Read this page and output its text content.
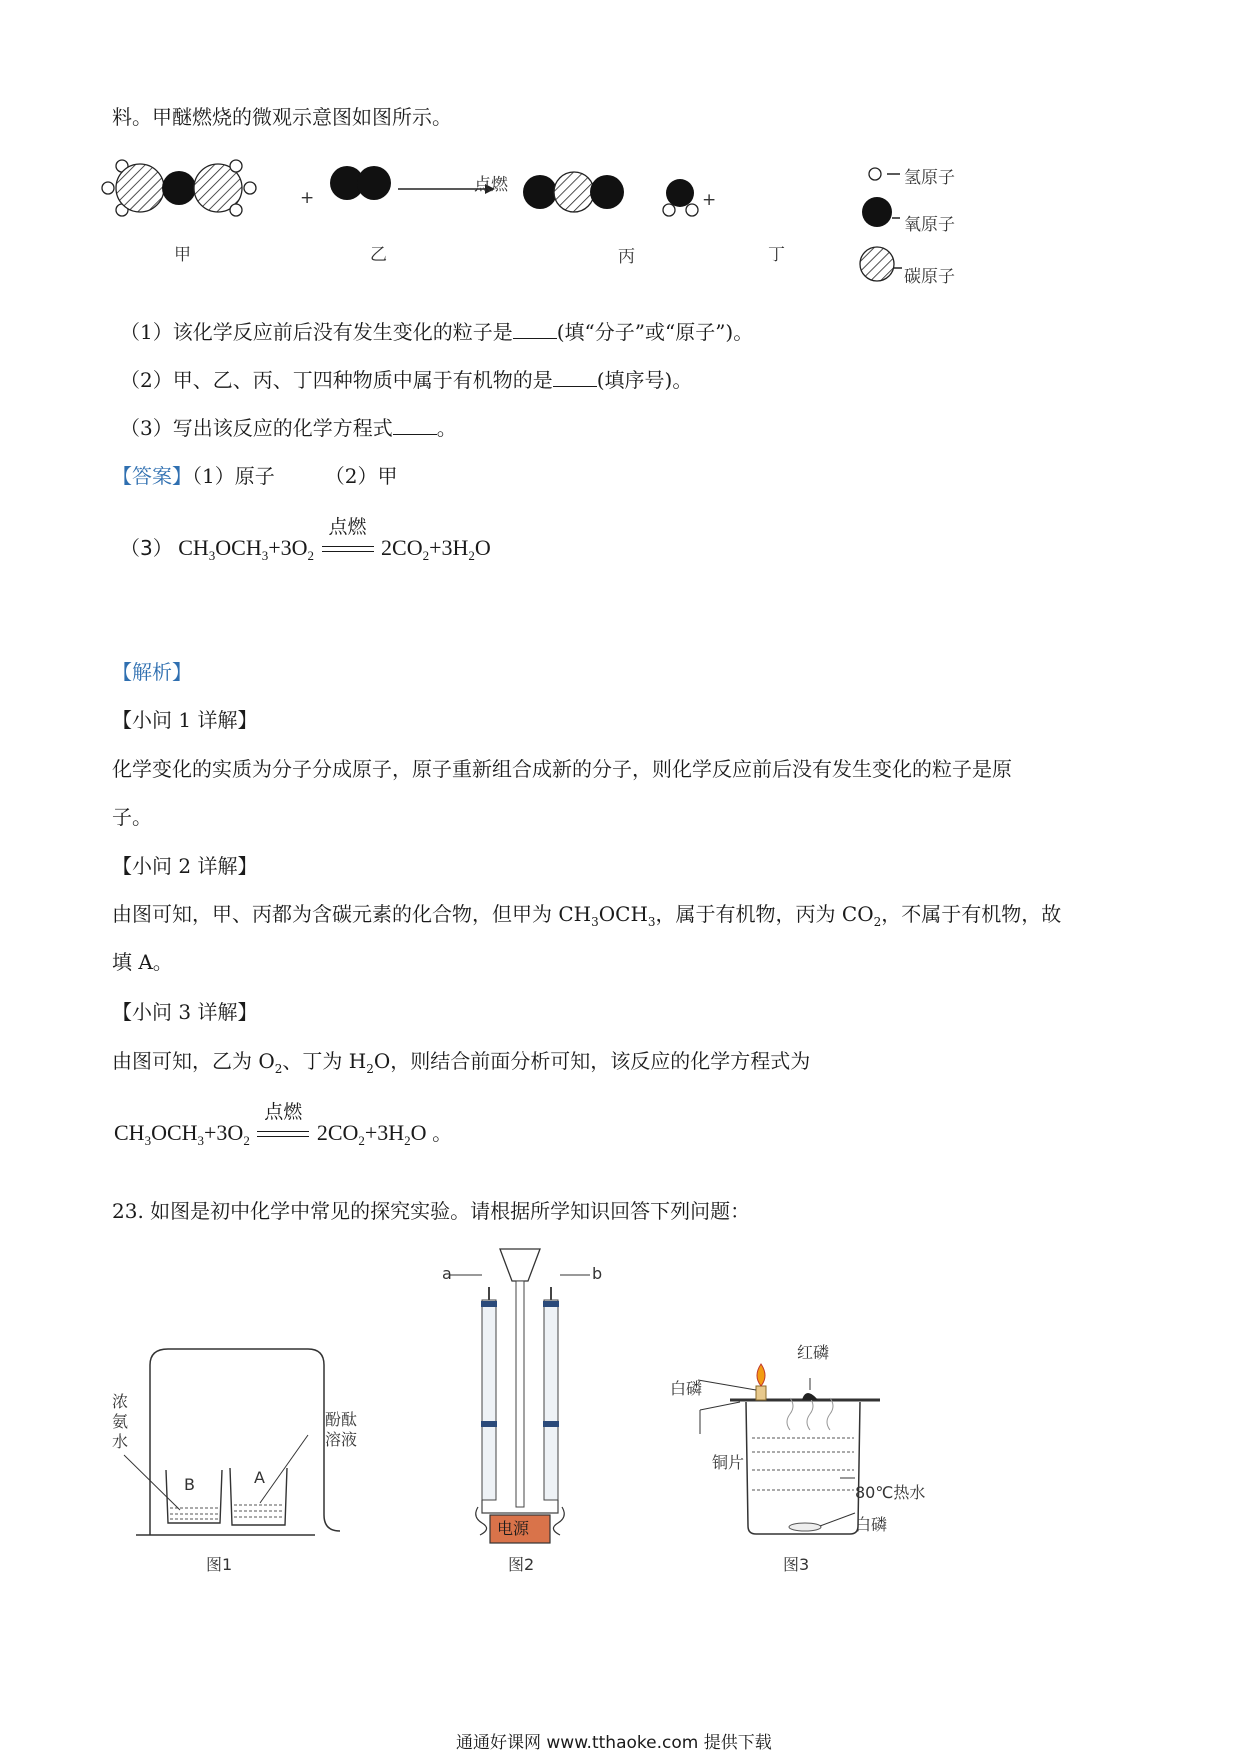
料。甲醚燃烧的微观示意图如图所示。
+	+
点燃
甲	乙	丙	丁
氢原子
氧原子
碳原子
（1）该化学反应前后没有发生变化的粒子是 (填“分子”或“原子”)。
（2）甲、乙、丙、丁四种物质中属于有机物的是 (填序号)。
（3）写出该反应的化学方程式 。
【答案】（1）原子	（2）甲
（3） $CH_3OCH_3+3O_2$
点燃
$2CO_2+3H_2O$
【解析】
【小问 1 详解】
化学变化的实质为分子分成原子，原子重新组合成新的分子，则化学反应前后没有发生变化的粒子是原
子。
【小问 2 详解】
由图可知，甲、丙都为含碳元素的化合物，但甲为 $CH_3OCH_3$，属于有机物，丙为 $CO_2$，不属于有机物，故
填 A。
【小问 3 详解】
由图可知，乙为 $O_2$、丁为 $H_2O$，则结合前面分析可知，该反应的化学方程式为
$CH_3OCH_3+3O_2$
点燃
$2CO_2+3H_2O$ 。
23. 如图是初中化学中常见的探究实验。请根据所学知识回答下列问题：
浓氨水
酚酞溶液
B	A
图1
电源
a	b
图2
红磷
白磷
铜片
80℃热水
白磷
图3
通通好课网 www.tthaoke.com 提供下载
